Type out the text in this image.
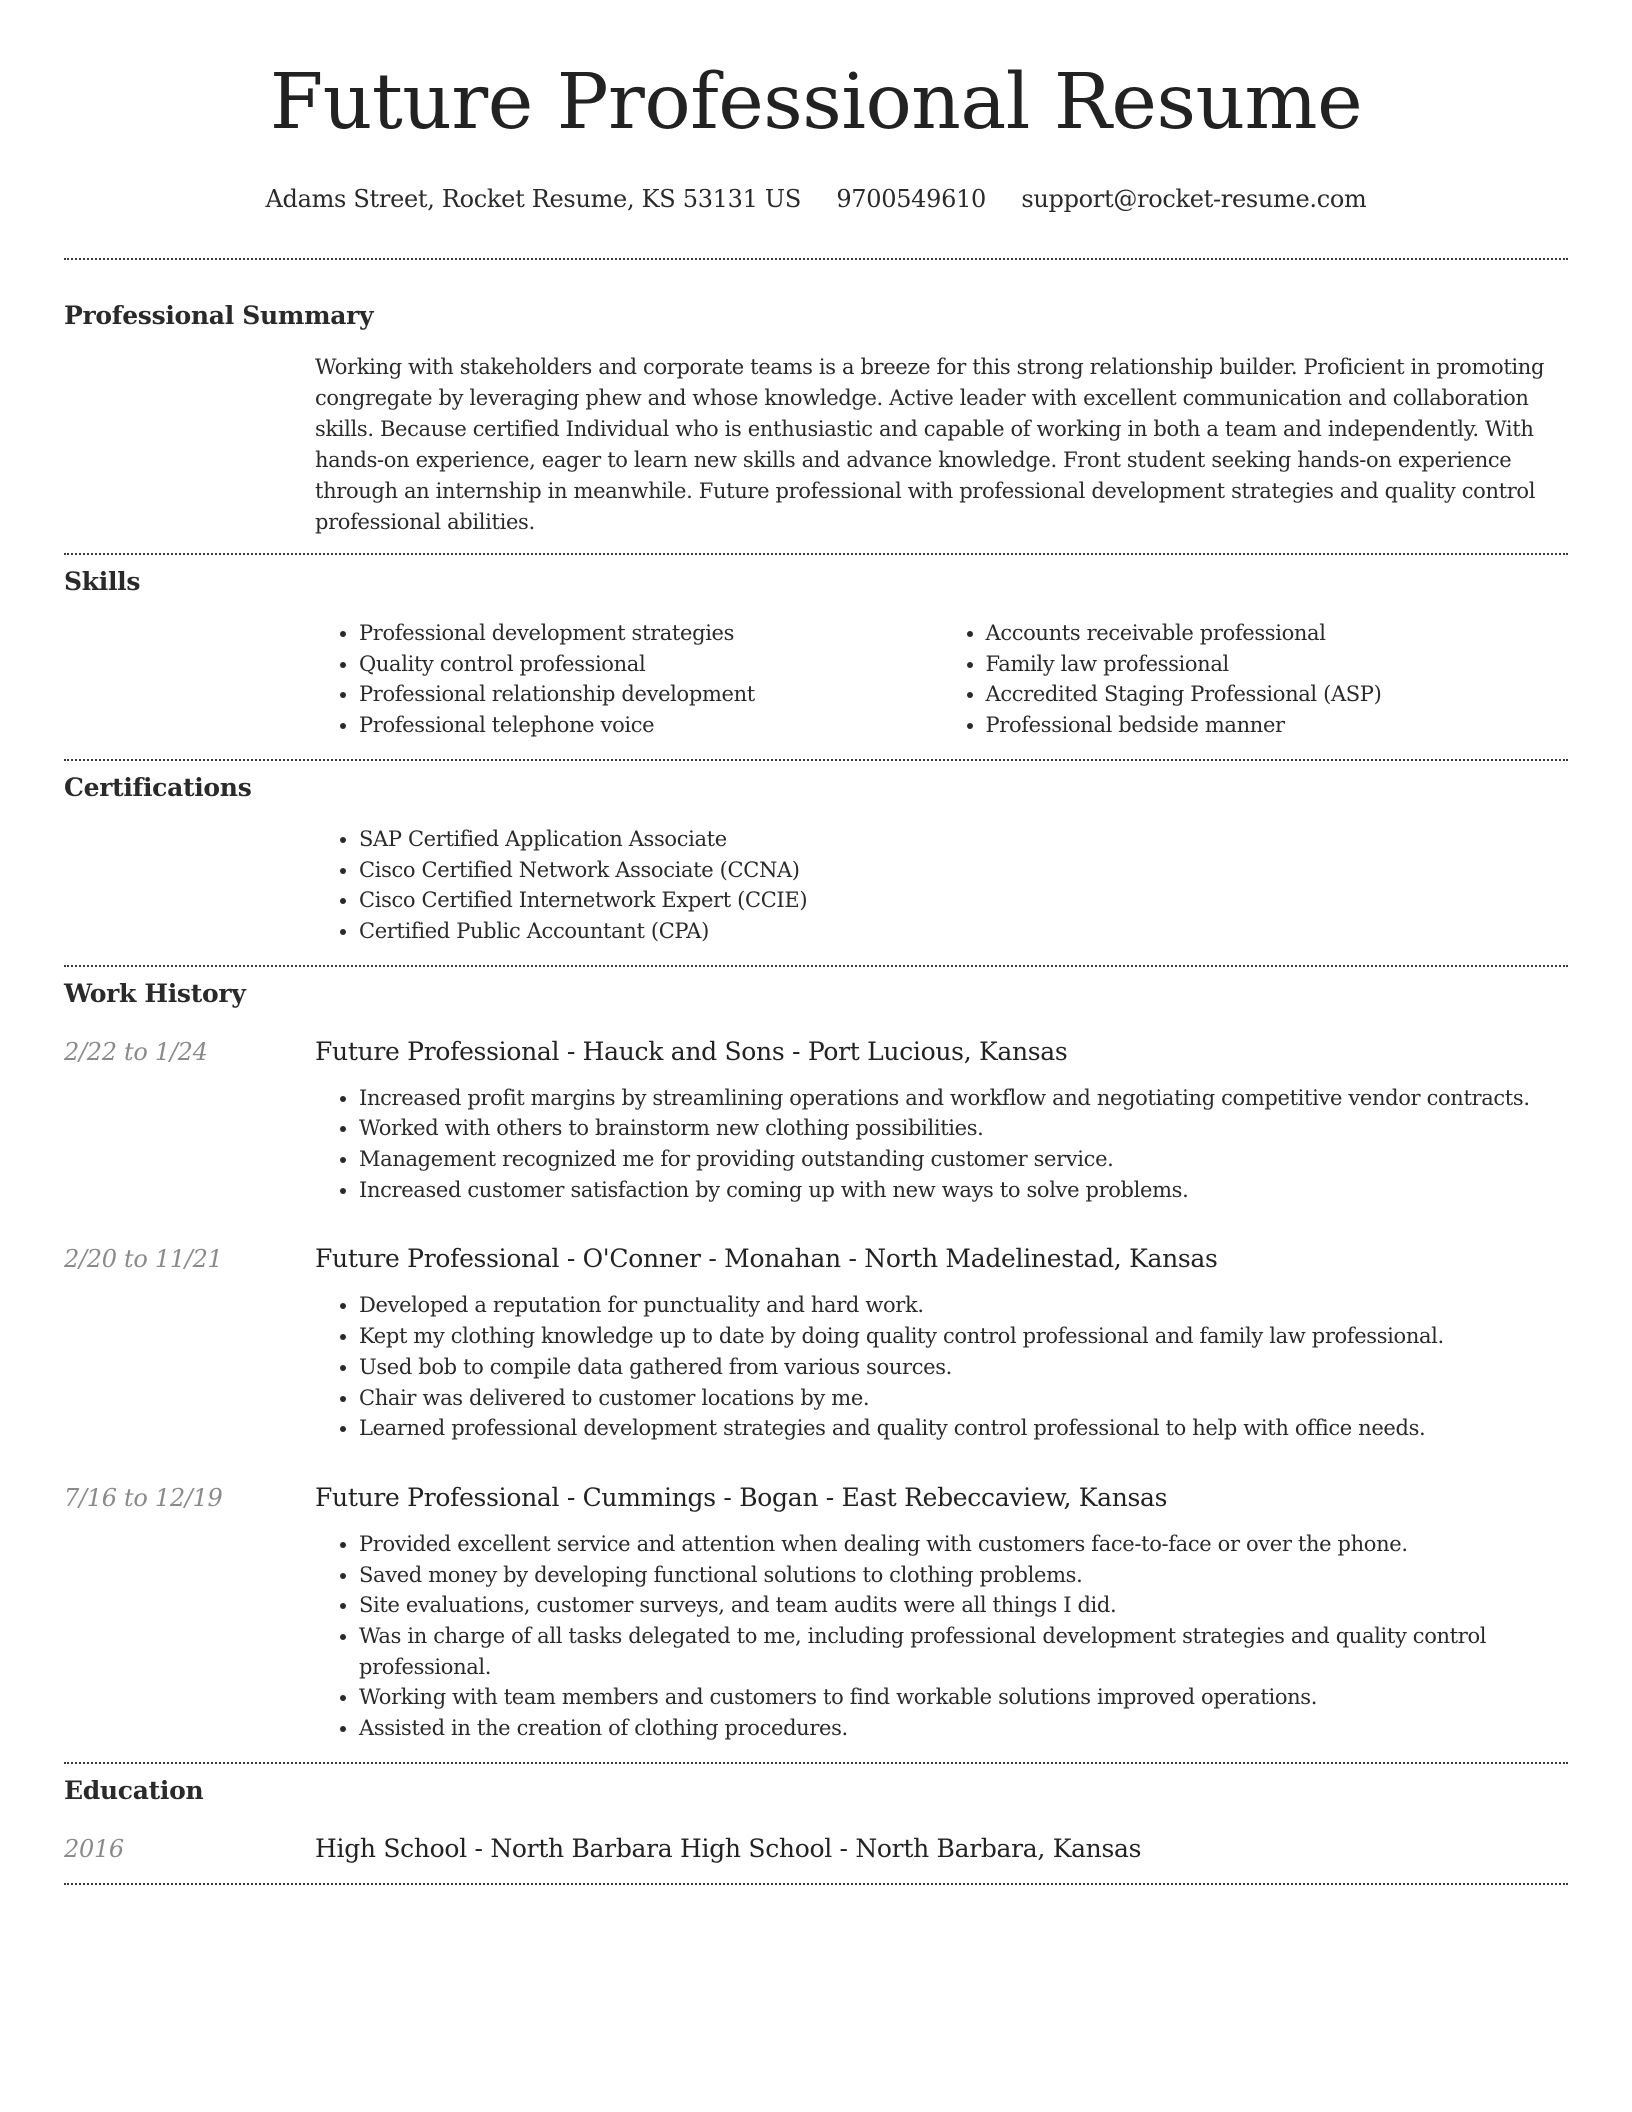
Future Professional Resume
Adams Street, Rocket Resume, KS 53131 US 9700549610 support@rocket-resume.com
Professional Summary
Working with stakeholders and corporate teams is a breeze for this strong relationship builder. Proficient in promoting congregate by leveraging phew and whose knowledge. Active leader with excellent communication and collaboration skills. Because certified Individual who is enthusiastic and capable of working in both a team and independently. With hands-on experience, eager to learn new skills and advance knowledge. Front student seeking hands-on experience through an internship in meanwhile. Future professional with professional development strategies and quality control professional abilities.
Skills
• Professional development strategies
• Quality control professional
• Professional relationship development
• Professional telephone voice
• Accounts receivable professional
• Family law professional
• Accredited Staging Professional (ASP)
• Professional bedside manner
Certifications
• SAP Certified Application Associate
• Cisco Certified Network Associate (CCNA)
• Cisco Certified Internetwork Expert (CCIE)
• Certified Public Accountant (CPA)
Work History
2/22 to 1/24	Future Professional - Hauck and Sons - Port Lucious, Kansas
• Increased profit margins by streamlining operations and workflow and negotiating competitive vendor contracts.
• Worked with others to brainstorm new clothing possibilities.
• Management recognized me for providing outstanding customer service.
• Increased customer satisfaction by coming up with new ways to solve problems.
2/20 to 11/21	Future Professional - O'Conner - Monahan - North Madelinestad, Kansas
• Developed a reputation for punctuality and hard work.
• Kept my clothing knowledge up to date by doing quality control professional and family law professional.
• Used bob to compile data gathered from various sources.
• Chair was delivered to customer locations by me.
• Learned professional development strategies and quality control professional to help with office needs.
7/16 to 12/19	Future Professional - Cummings - Bogan - East Rebeccaview, Kansas
• Provided excellent service and attention when dealing with customers face-to-face or over the phone.
• Saved money by developing functional solutions to clothing problems.
• Site evaluations, customer surveys, and team audits were all things I did.
• Was in charge of all tasks delegated to me, including professional development strategies and quality control professional.
• Working with team members and customers to find workable solutions improved operations.
• Assisted in the creation of clothing procedures.
Education
2016	High School - North Barbara High School - North Barbara, Kansas
